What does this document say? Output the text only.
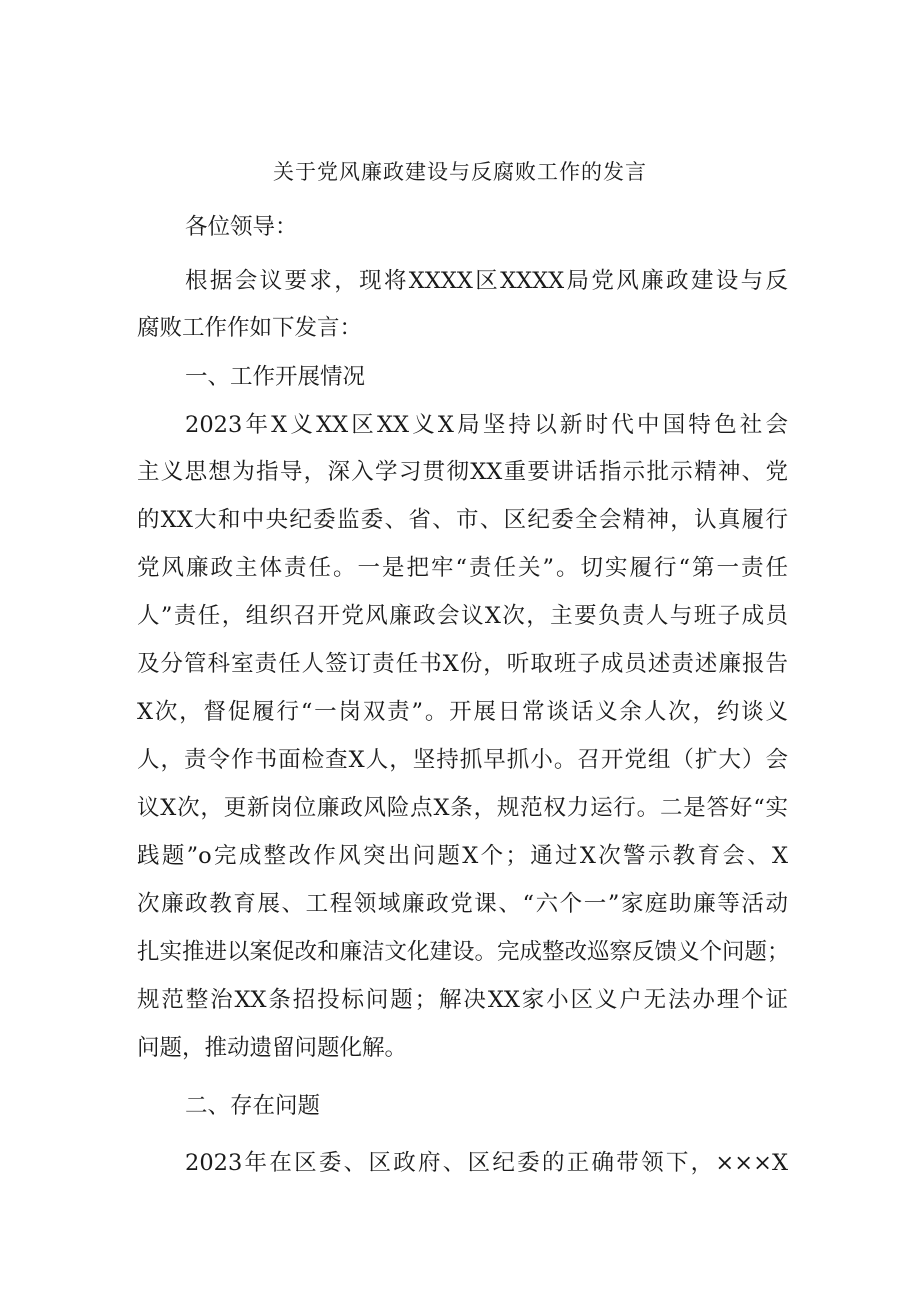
关于党风廉政建设与反腐败工作的发言
各位领导：
根据会议要求，现将XXXX区XXXX局党风廉政建设与反
腐败工作作如下发言：
一、工作开展情况
2023年X义XX区XX义X局坚持以新时代中国特色社会
主义思想为指导，深入学习贯彻XX重要讲话指示批示精神、党
的XX大和中央纪委监委、省、市、区纪委全会精神，认真履行
党风廉政主体责任。一是把牢“责任关”。切实履行“第一责任
人”责任，组织召开党风廉政会议X次，主要负责人与班子成员
及分管科室责任人签订责任书X份，听取班子成员述责述廉报告
X次，督促履行“一岗双责”。开展日常谈话义余人次，约谈义
人，责令作书面检查X人，坚持抓早抓小。召开党组（扩大）会
议X次，更新岗位廉政风险点X条，规范权力运行。二是答好“实
践题”o完成整改作风突出问题X个；通过X次警示教育会、X
次廉政教育展、工程领域廉政党课、“六个一”家庭助廉等活动
扎实推进以案促改和廉洁文化建设。完成整改巡察反馈义个问题；
规范整治XX条招投标问题；解决XX家小区义户无法办理个证
问题，推动遗留问题化解。
二、存在问题
2023年在区委、区政府、区纪委的正确带领下，×××X
